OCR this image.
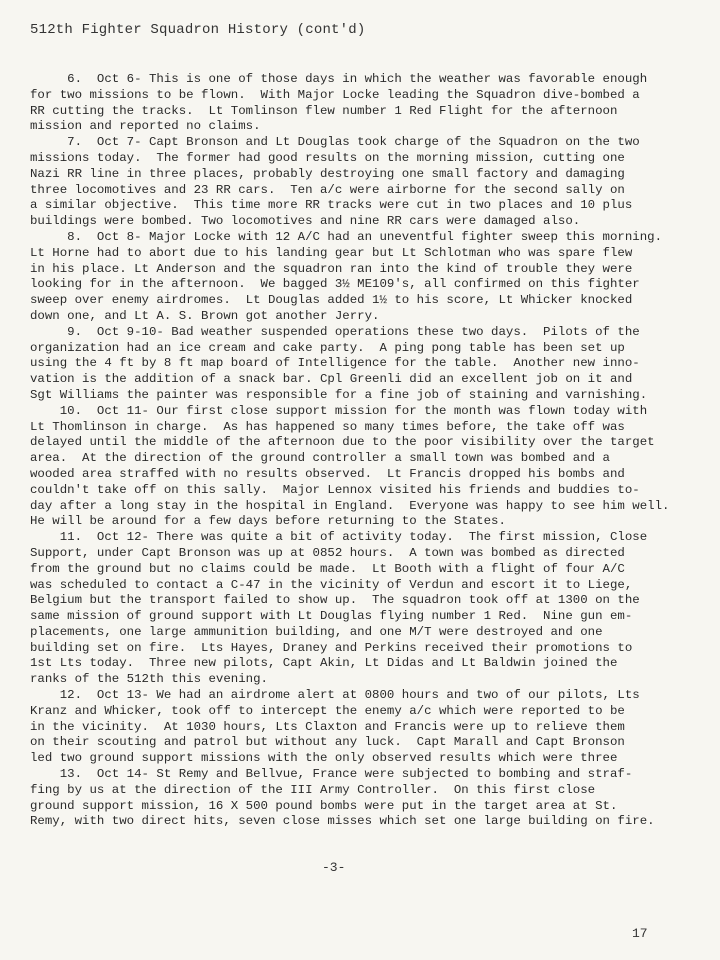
512th Fighter Squadron History (cont'd)
6.  Oct 6- This is one of those days in which the weather was favorable enough
for two missions to be flown.  With Major Locke leading the Squadron dive-bombed a
RR cutting the tracks.  Lt Tomlinson flew number 1 Red Flight for the afternoon
mission and reported no claims.
7.  Oct 7- Capt Bronson and Lt Douglas took charge of the Squadron on the two
missions today.  The former had good results on the morning mission, cutting one
Nazi RR line in three places, probably destroying one small factory and damaging
three locomotives and 23 RR cars.  Ten a/c were airborne for the second sally on
a similar objective.  This time more RR tracks were cut in two places and 10 plus
buildings were bombed. Two locomotives and nine RR cars were damaged also.
8.  Oct 8- Major Locke with 12 A/C had an uneventful fighter sweep this morning.
Lt Horne had to abort due to his landing gear but Lt Schlotman who was spare flew
in his place. Lt Anderson and the squadron ran into the kind of trouble they were
looking for in the afternoon.  We bagged 3½ ME109's, all confirmed on this fighter
sweep over enemy airdromes.  Lt Douglas added 1½ to his score, Lt Whicker knocked
down one, and Lt A. S. Brown got another Jerry.
9.  Oct 9-10- Bad weather suspended operations these two days.  Pilots of the
organization had an ice cream and cake party.  A ping pong table has been set up
using the 4 ft by 8 ft map board of Intelligence for the table.  Another new inno-
vation is the addition of a snack bar. Cpl Greenli did an excellent job on it and
Sgt Williams the painter was responsible for a fine job of staining and varnishing.
10.  Oct 11- Our first close support mission for the month was flown today with
Lt Thomlinson in charge.  As has happened so many times before, the take off was
delayed until the middle of the afternoon due to the poor visibility over the target
area.  At the direction of the ground controller a small town was bombed and a
wooded area straffed with no results observed.  Lt Francis dropped his bombs and
couldn't take off on this sally.  Major Lennox visited his friends and buddies to-
day after a long stay in the hospital in England.  Everyone was happy to see him well.
He will be around for a few days before returning to the States.
11.  Oct 12- There was quite a bit of activity today.  The first mission, Close
Support, under Capt Bronson was up at 0852 hours.  A town was bombed as directed
from the ground but no claims could be made.  Lt Booth with a flight of four A/C
was scheduled to contact a C-47 in the vicinity of Verdun and escort it to Liege,
Belgium but the transport failed to show up.  The squadron took off at 1300 on the
same mission of ground support with Lt Douglas flying number 1 Red.  Nine gun em-
placements, one large ammunition building, and one M/T were destroyed and one
building set on fire.  Lts Hayes, Draney and Perkins received their promotions to
1st Lts today.  Three new pilots, Capt Akin, Lt Didas and Lt Baldwin joined the
ranks of the 512th this evening.
12.  Oct 13- We had an airdrome alert at 0800 hours and two of our pilots, Lts
Kranz and Whicker, took off to intercept the enemy a/c which were reported to be
in the vicinity.  At 1030 hours, Lts Claxton and Francis were up to relieve them
on their scouting and patrol but without any luck.  Capt Marall and Capt Bronson
led two ground support missions with the only observed results which were three
13.  Oct 14- St Remy and Bellvue, France were subjected to bombing and straf-
fing by us at the direction of the III Army Controller.  On this first close
ground support mission, 16 X 500 pound bombs were put in the target area at St.
Remy, with two direct hits, seven close misses which set one large building on fire.
-3-
17
